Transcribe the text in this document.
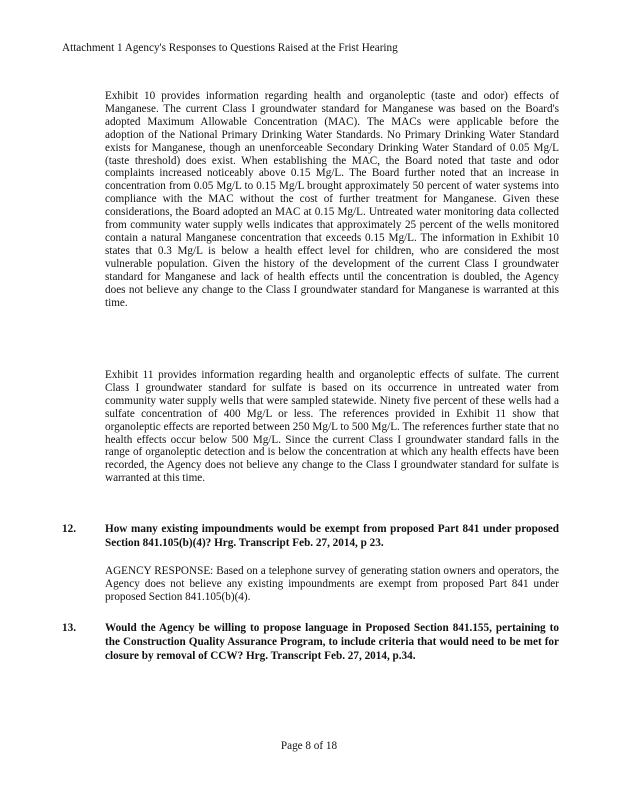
Attachment 1 Agency's Responses to Questions Raised at the Frist Hearing

Exhibit 10 provides information regarding health and organoleptic (taste and odor) effects of Manganese. The current Class I groundwater standard for Manganese was based on the Board's adopted Maximum Allowable Concentration (MAC). The MACs were applicable before the adoption of the National Primary Drinking Water Standards. No Primary Drinking Water Standard exists for Manganese, though an unenforceable Secondary Drinking Water Standard of 0.05 Mg/L (taste threshold) does exist. When establishing the MAC, the Board noted that taste and odor complaints increased noticeably above 0.15 Mg/L. The Board further noted that an increase in concentration from 0.05 Mg/L to 0.15 Mg/L brought approximately 50 percent of water systems into compliance with the MAC without the cost of further treatment for Manganese. Given these considerations, the Board adopted an MAC at 0.15 Mg/L. Untreated water monitoring data collected from community water supply wells indicates that approximately 25 percent of the wells monitored contain a natural Manganese concentration that exceeds 0.15 Mg/L. The information in Exhibit 10 states that 0.3 Mg/L is below a health effect level for children, who are considered the most vulnerable population. Given the history of the development of the current Class I groundwater standard for Manganese and lack of health effects until the concentration is doubled, the Agency does not believe any change to the Class I groundwater standard for Manganese is warranted at this time.

Exhibit 11 provides information regarding health and organoleptic effects of sulfate. The current Class I groundwater standard for sulfate is based on its occurrence in untreated water from community water supply wells that were sampled statewide. Ninety five percent of these wells had a sulfate concentration of 400 Mg/L or less. The references provided in Exhibit 11 show that organoleptic effects are reported between 250 Mg/L to 500 Mg/L. The references further state that no health effects occur below 500 Mg/L. Since the current Class I groundwater standard falls in the range of organoleptic detection and is below the concentration at which any health effects have been recorded, the Agency does not believe any change to the Class I groundwater standard for sulfate is warranted at this time.

12.	How many existing impoundments would be exempt from proposed Part 841 under proposed Section 841.105(b)(4)? Hrg. Transcript Feb. 27, 2014, p 23.

AGENCY RESPONSE: Based on a telephone survey of generating station owners and operators, the Agency does not believe any existing impoundments are exempt from proposed Part 841 under proposed Section 841.105(b)(4).

13.	Would the Agency be willing to propose language in Proposed Section 841.155, pertaining to the Construction Quality Assurance Program, to include criteria that would need to be met for closure by removal of CCW? Hrg. Transcript Feb. 27, 2014, p.34.

Page 8 of 18
